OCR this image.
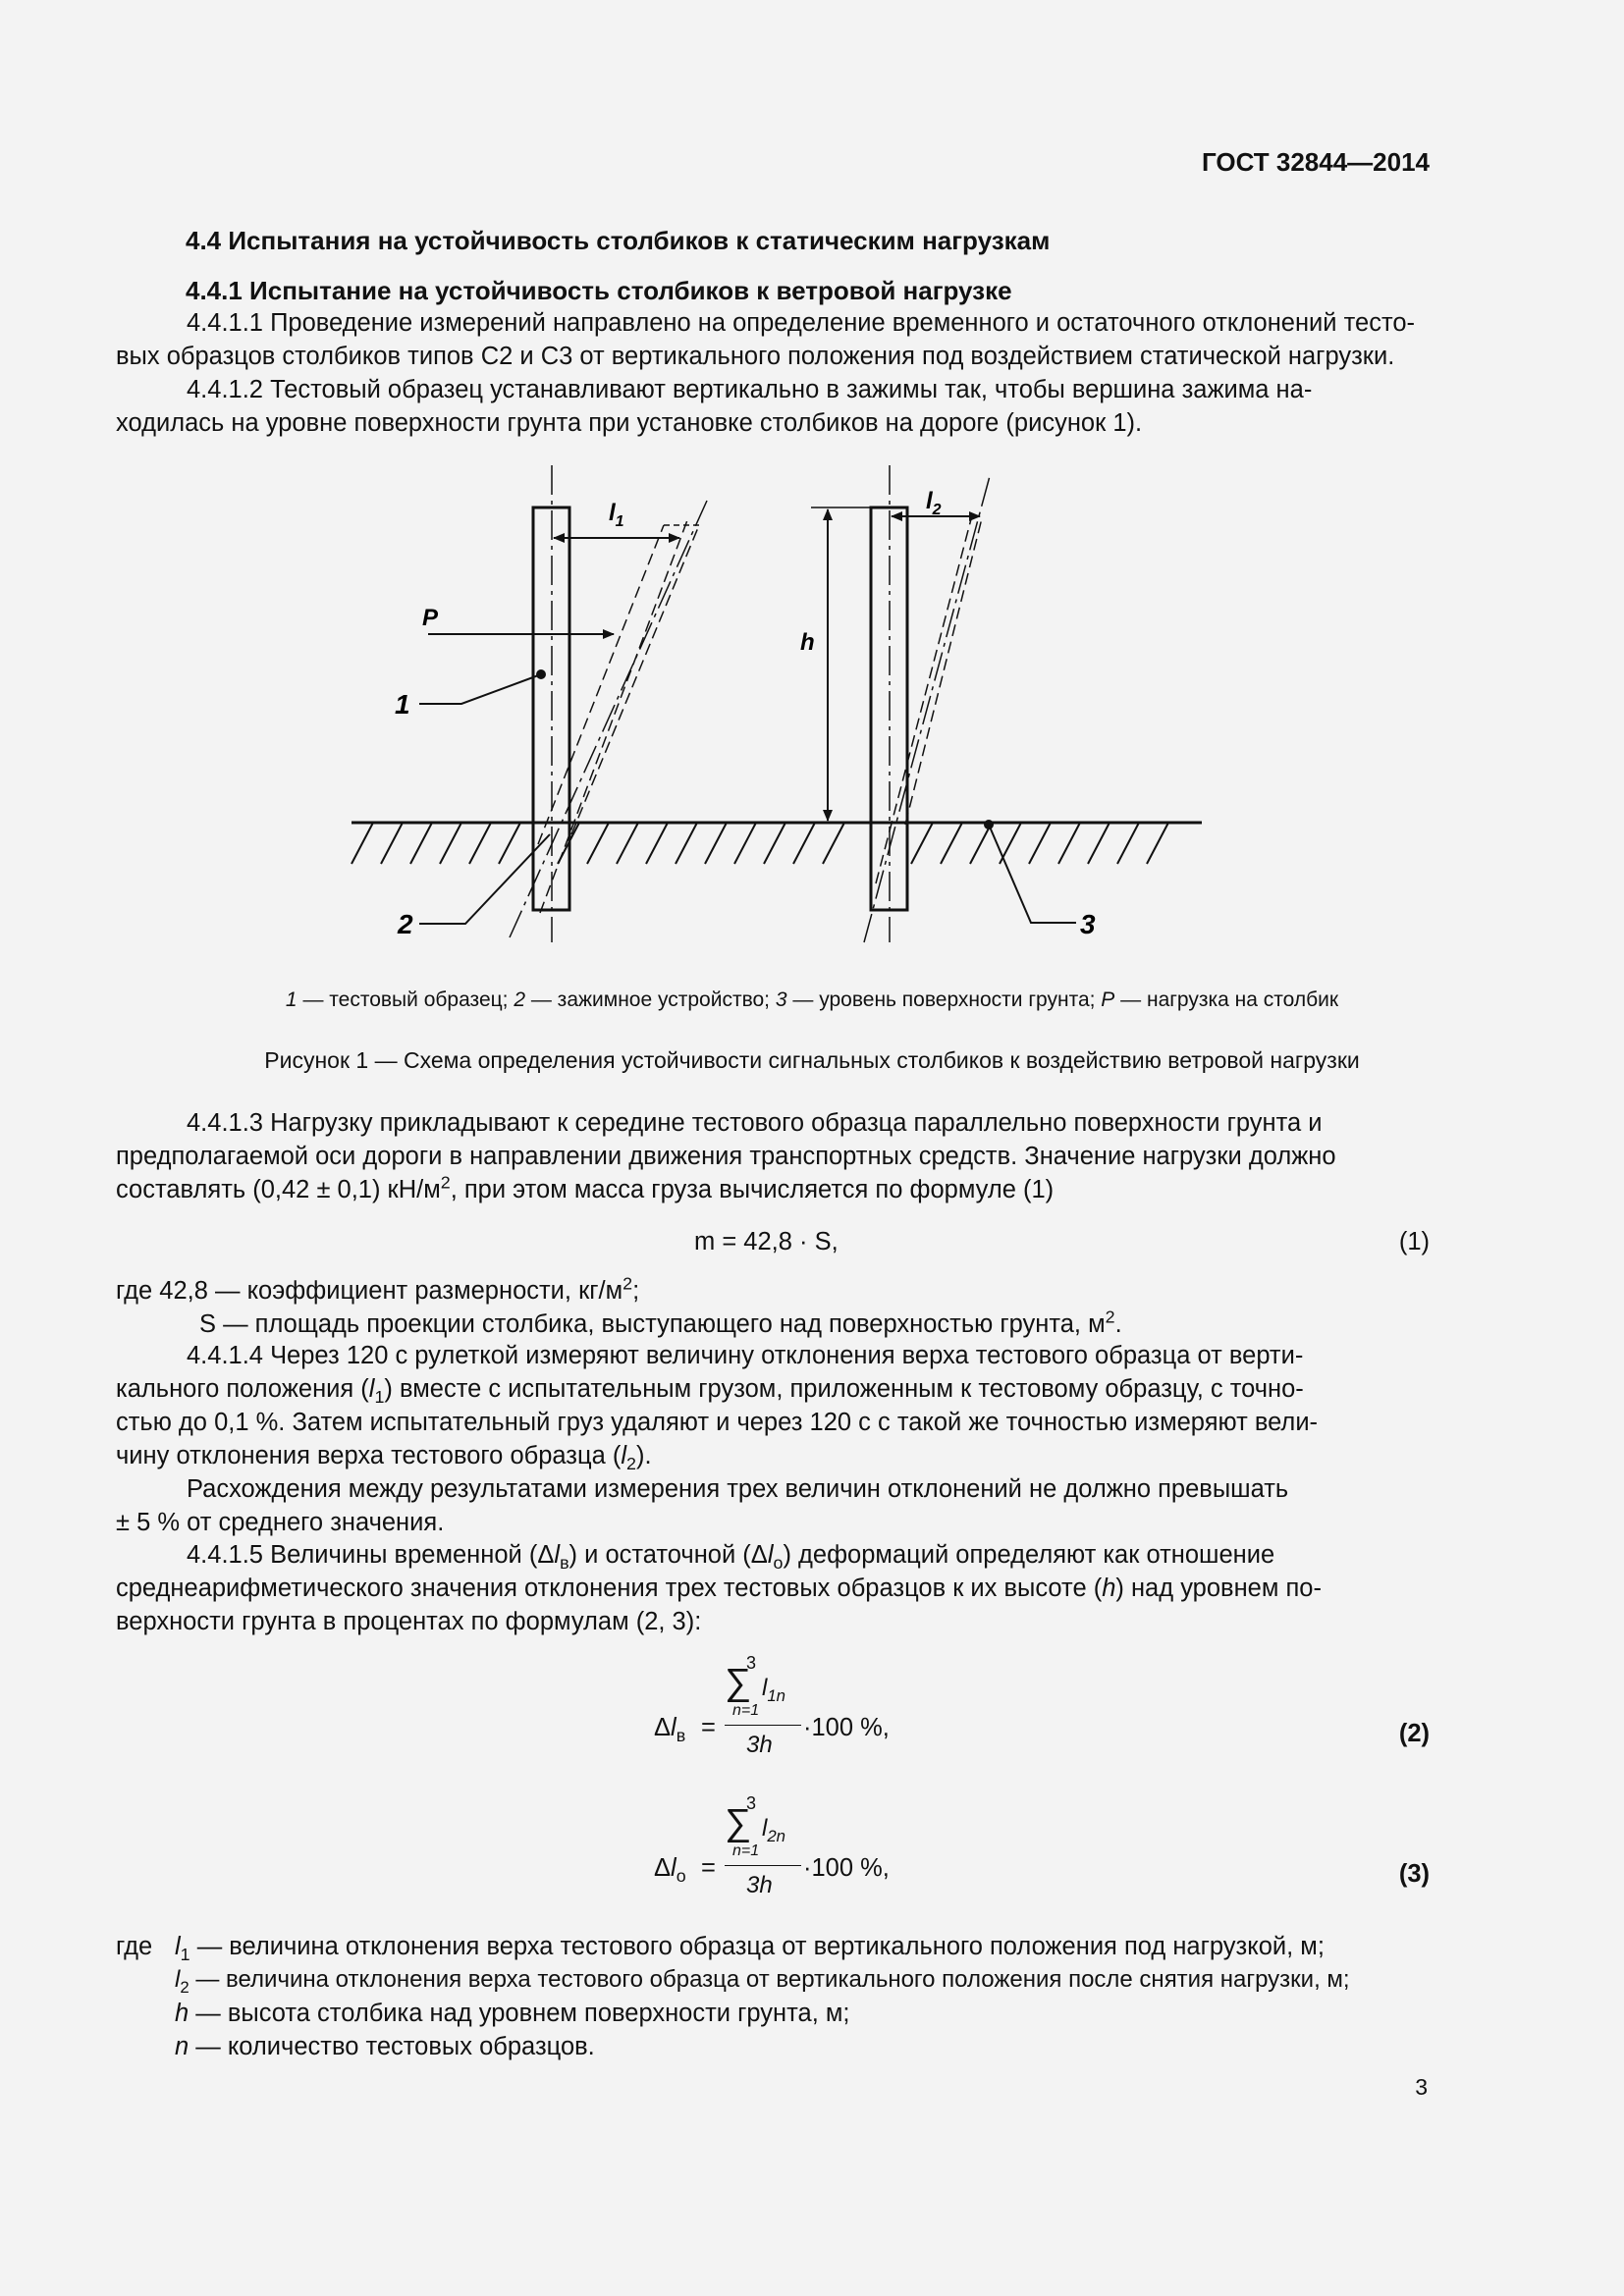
ГОСТ 32844—2014
4.4 Испытания на устойчивость столбиков к статическим нагрузкам
4.4.1 Испытание на устойчивость столбиков к ветровой нагрузке
4.4.1.1 Проведение измерений направлено на определение временного и остаточного отклонений тесто-
вых образцов столбиков типов С2 и С3 от вертикального положения под воздействием статической нагрузки.
4.4.1.2 Тестовый образец устанавливают вертикально в зажимы так, чтобы вершина зажима на-
ходилась на уровне поверхности грунта при установке столбиков на дороге (рисунок 1).
$l_1$
$l_2$
P
h
1
2	3
1 — тестовый образец; 2 — зажимное устройство; 3 — уровень поверхности грунта; P — нагрузка на столбик
Рисунок 1 — Схема определения устойчивости сигнальных столбиков к воздействию ветровой нагрузки
4.4.1.3 Нагрузку прикладывают к середине тестового образца параллельно поверхности грунта и
предполагаемой оси дороги в направлении движения транспортных средств. Значение нагрузки должно
составлять (0,42 ± 0,1) $кН/м^2$, при этом масса груза вычисляется по формуле (1)
m = 42,8 · S,	(1)
где 42,8 — коэффициент размерности, $кг/м^2$;
S — площадь проекции столбика, выступающего над поверхностью грунта, $м^2$.
4.4.1.4 Через 120 с рулеткой измеряют величину отклонения верха тестового образца от верти-
кального положения $(l_1)$ вместе с испытательным грузом, приложенным к тестовому образцу, с точно-
стью до 0,1 %. Затем испытательный груз удаляют и через 120 с с такой же точностью измеряют вели-
чину отклонения верха тестового образца $(l_2)$.
Расхождения между результатами измерения трех величин отклонений не должно превышать
± 5 % от среднего значения.
4.4.1.5 Величины временной $(\Delta l_в)$ и остаточной $(\Delta l_о)$ деформаций определяют как отношение
среднеарифметического значения отклонения трех тестовых образцов к их высоте (h) над уровнем по-
верхности грунта в процентах по формулам (2, 3):
$\Delta l_в$ =
3
∑ $l_{1n}$
n=1
3h
·100 %,	(2)
$\Delta l_о$ =
3
∑ $l_{2n}$
n=1
3h
·100 %,	(3)
где $l_1$ — величина отклонения верха тестового образца от вертикального положения под нагрузкой, м;
$l_2$ — величина отклонения верха тестового образца от вертикального положения после снятия нагрузки, м;
h — высота столбика над уровнем поверхности грунта, м;
n — количество тестовых образцов.
3
